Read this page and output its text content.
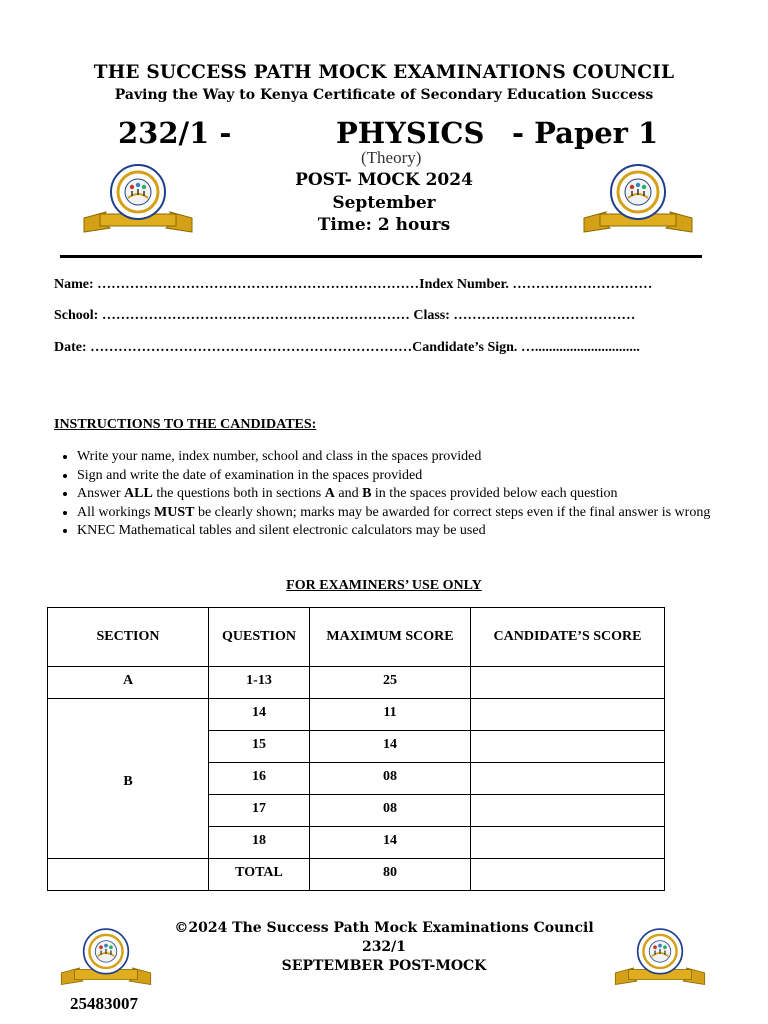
THE SUCCESS PATH MOCK EXAMINATIONS COUNCIL
Paving the Way to Kenya Certificate of Secondary Education Success
232/1 -	PHYSICS - Paper 1
(Theory)
POST- MOCK 2024
September
Time: 2 hours
Name: ……………………………………………………………Index Number. …………………………
School: ………………………………………………………… Class: …………………………………
Date: ……………………………………………………………Candidate’s Sign. …..............................
INSTRUCTIONS TO THE CANDIDATES:
• Write your name, index number, school and class in the spaces provided
• Sign and write the date of examination in the spaces provided
• Answer ALL the questions both in sections A and B in the spaces provided below each question
• All workings MUST be clearly shown; marks may be awarded for correct steps even if the final answer is wrong
• KNEC Mathematical tables and silent electronic calculators may be used
FOR EXAMINERS’ USE ONLY
SECTION	QUESTION	MAXIMUM SCORE	CANDIDATE’S SCORE
A	1-13	25	
B	14	11	
	15	14	
	16	08	
	17	08	
	18	14	
	TOTAL	80	
©2024 The Success Path Mock Examinations Council
232/1
SEPTEMBER POST-MOCK
25483007
